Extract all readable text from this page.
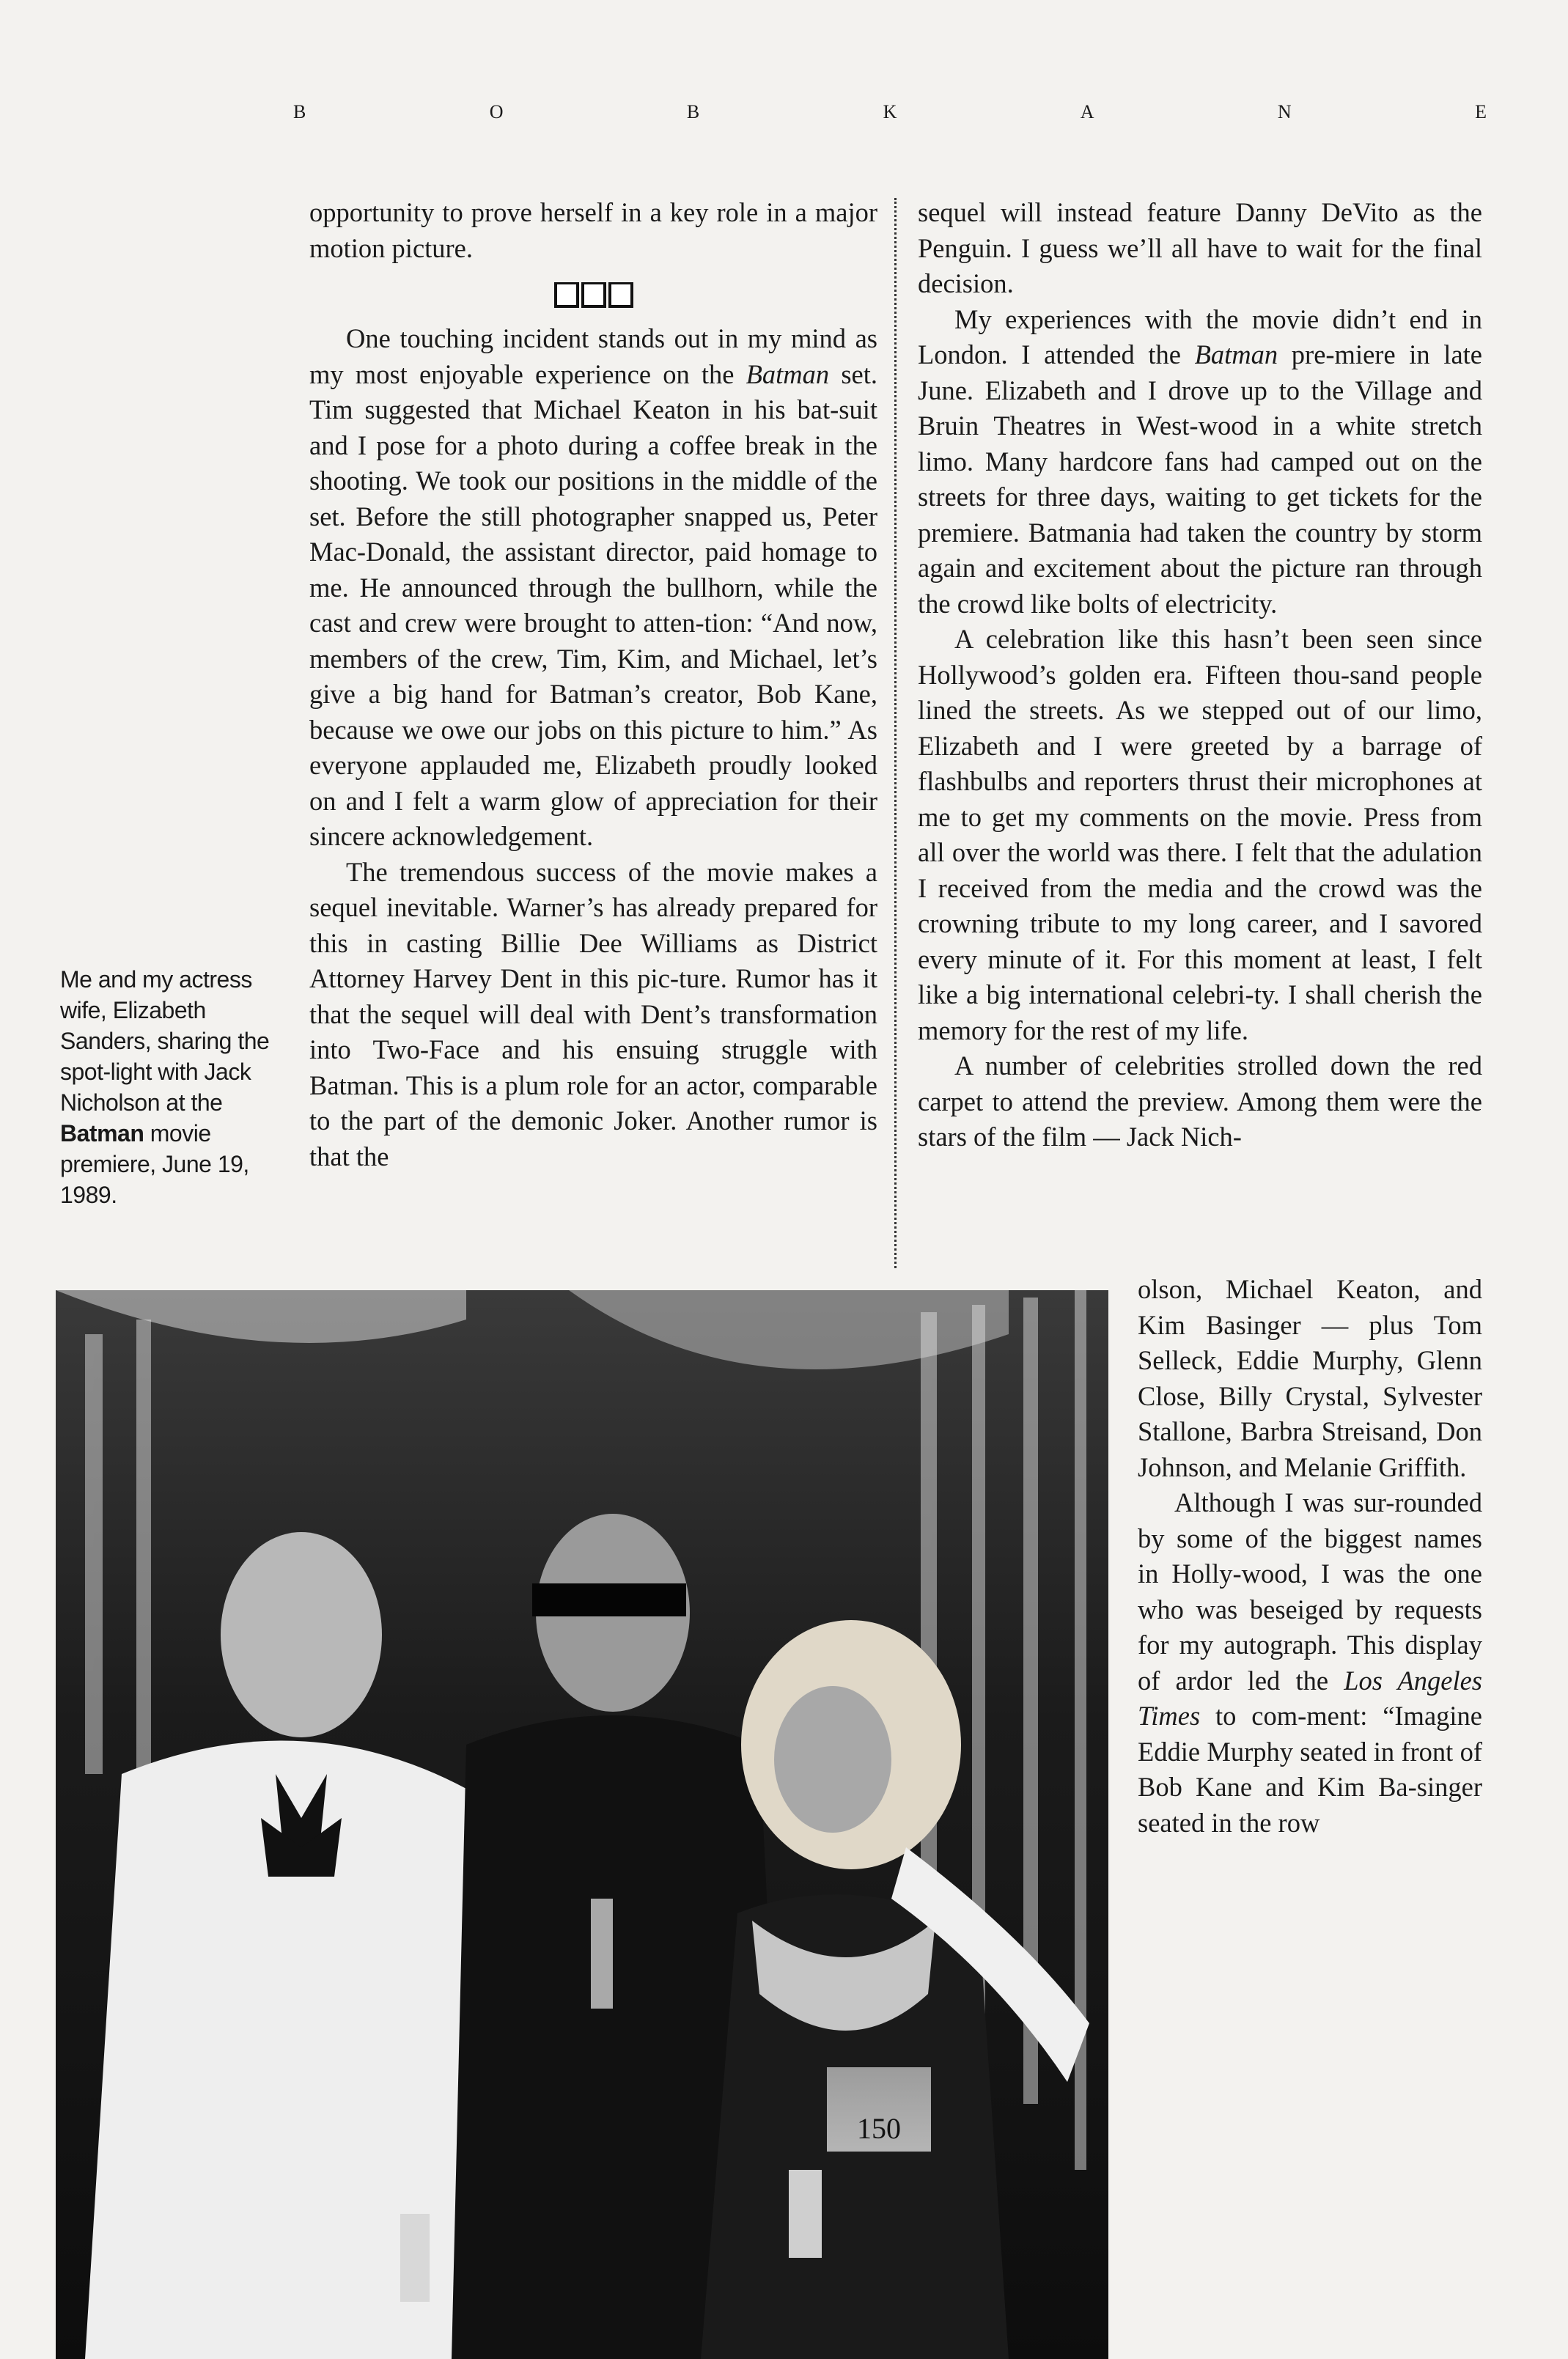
B	O	B	K	A	N	E
Me and my actress wife, Elizabeth Sanders, sharing the spot-light with Jack Nicholson at the Batman movie premiere, June 19, 1989.

opportunity to prove herself in a key role in a major motion picture.

One touching incident stands out in my mind as my most enjoyable experience on the Batman set. Tim suggested that Michael Keaton in his bat-suit and I pose for a photo during a coffee break in the shooting. We took our positions in the middle of the set. Before the still photographer snapped us, Peter Mac-Donald, the assistant director, paid homage to me. He announced through the bullhorn, while the cast and crew were brought to atten-tion: “And now, members of the crew, Tim, Kim, and Michael, let’s give a big hand for Batman’s creator, Bob Kane, because we owe our jobs on this picture to him.” As everyone applauded me, Elizabeth proudly looked on and I felt a warm glow of appreciation for their sincere acknowledgement.

The tremendous success of the movie makes a sequel inevitable. Warner’s has already prepared for this in casting Billie Dee Williams as District Attorney Harvey Dent in this pic-ture. Rumor has it that the sequel will deal with Dent’s transformation into Two-Face and his ensuing struggle with Batman. This is a plum role for an actor, comparable to the part of the demonic Joker. Another rumor is that the

sequel will instead feature Danny DeVito as the Penguin. I guess we’ll all have to wait for the final decision.

My experiences with the movie didn’t end in London. I attended the Batman pre-miere in late June. Elizabeth and I drove up to the Village and Bruin Theatres in West-wood in a white stretch limo. Many hardcore fans had camped out on the streets for three days, waiting to get tickets for the premiere. Batmania had taken the country by storm again and excitement about the picture ran through the crowd like bolts of electricity.

A celebration like this hasn’t been seen since Hollywood’s golden era. Fifteen thou-sand people lined the streets. As we stepped out of our limo, Elizabeth and I were greeted by a barrage of flashbulbs and reporters thrust their microphones at me to get my comments on the movie. Press from all over the world was there. I felt that the adulation I received from the media and the crowd was the crowning tribute to my long career, and I savored every minute of it. For this moment at least, I felt like a big international celebri-ty. I shall cherish the memory for the rest of my life.

A number of celebrities strolled down the red carpet to attend the preview. Among them were the stars of the film — Jack Nich-

olson, Michael Keaton, and Kim Basinger — plus Tom Selleck, Eddie Murphy, Glenn Close, Billy Crystal, Sylvester Stallone, Barbra Streisand, Don Johnson, and Melanie Griffith.

Although I was sur-rounded by some of the biggest names in Holly-wood, I was the one who was beseiged by requests for my autograph. This display of ardor led the Los Angeles Times to com-ment: “Imagine Eddie Murphy seated in front of Bob Kane and Kim Ba-singer seated in the row

150
